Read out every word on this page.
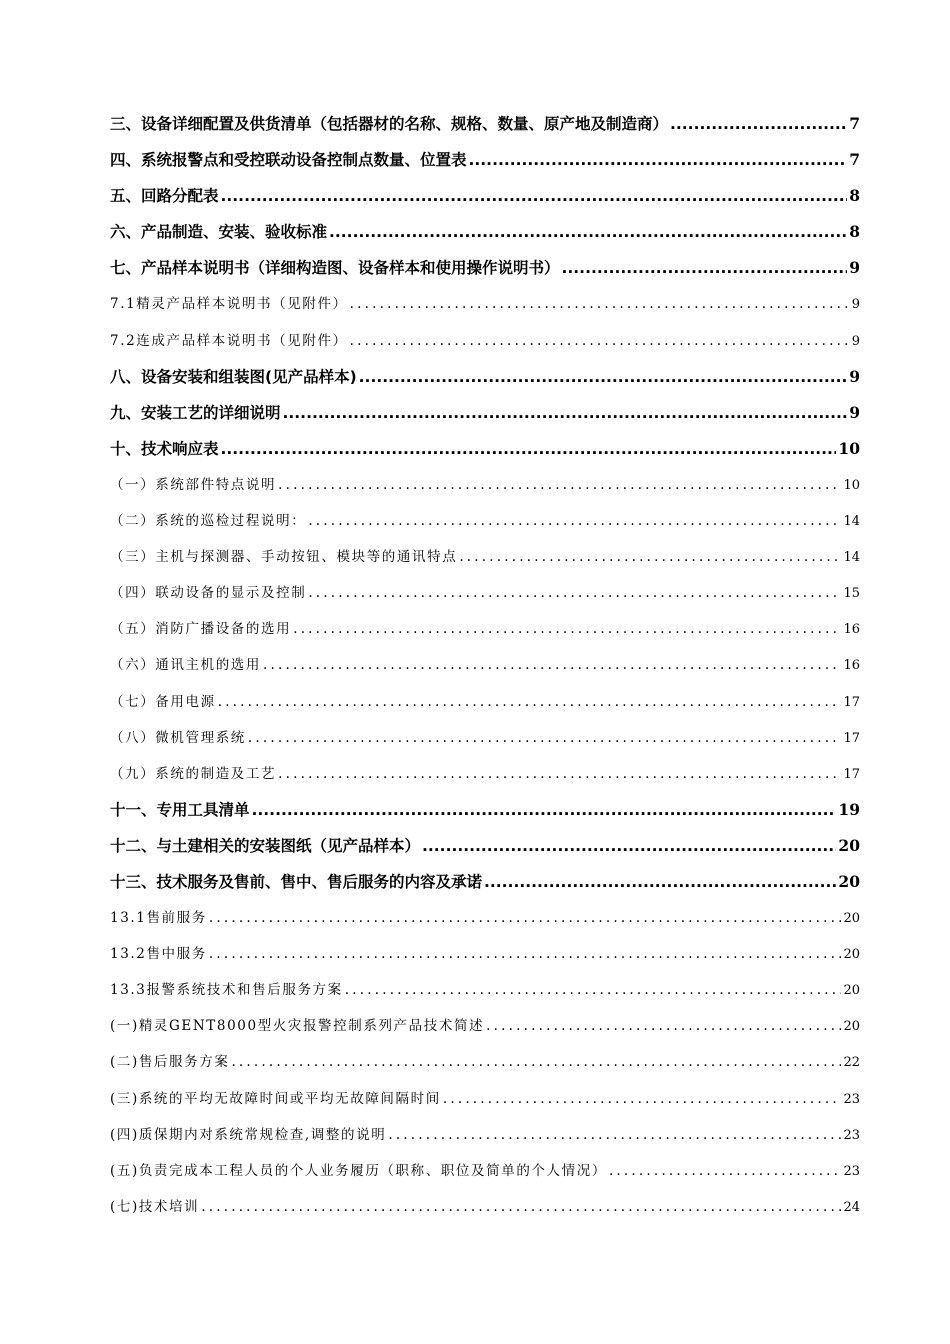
三、设备详细配置及供货清单（包括器材的名称、规格、数量、原产地及制造商） .....	7
四、系统报警点和受控联动设备控制点数量、位置表 .....	7
五、回路分配表 .....	8
六、产品制造、安装、验收标准 .....	8
七、产品样本说明书（详细构造图、设备样本和使用操作说明书） .....	9
7.1精灵产品样本说明书（见附件） .....	9
7.2连成产品样本说明书（见附件） .....	9
八、设备安装和组装图(见产品样本) .....	9
九、安装工艺的详细说明 .....	9
十、技术响应表 .....	10
（一）系统部件特点说明 .....	10
（二）系统的巡检过程说明： .....	14
（三）主机与探测器、手动按钮、模块等的通讯特点 .....	14
（四）联动设备的显示及控制 .....	15
（五）消防广播设备的选用 .....	16
（六）通讯主机的选用 .....	16
（七）备用电源 .....	17
（八）微机管理系统 .....	17
（九）系统的制造及工艺 .....	17
十一、专用工具清单 .....	19
十二、与土建相关的安装图纸（见产品样本） .....	20
十三、技术服务及售前、售中、售后服务的内容及承诺 .....	20
13.1售前服务 .....	20
13.2售中服务 .....	20
13.3报警系统技术和售后服务方案 .....	20
(一)精灵GENT8000型火灾报警控制系列产品技术简述 .....	20
(二)售后服务方案 .....	22
(三)系统的平均无故障时间或平均无故障间隔时间 .....	23
(四)质保期内对系统常规检查,调整的说明 .....	23
(五)负责完成本工程人员的个人业务履历（职称、职位及简单的个人情况） .....	23
(七)技术培训 .....	24
